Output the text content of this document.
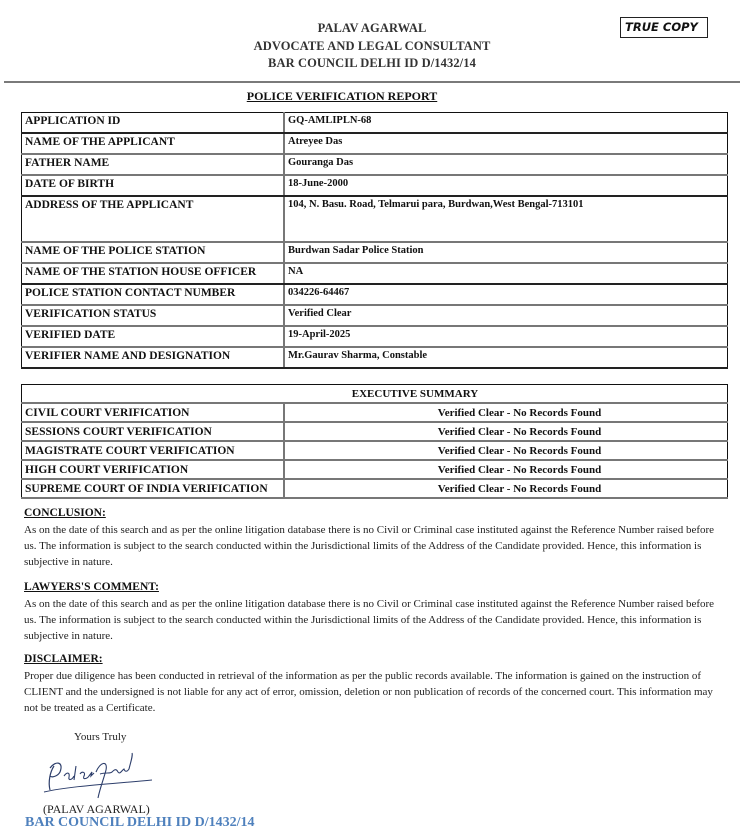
PALAV AGARWAL
ADVOCATE AND LEGAL CONSULTANT
BAR COUNCIL DELHI ID D/1432/14
TRUE COPY
POLICE VERIFICATION REPORT
APPLICATION ID	GQ-AMLIPLN-68
NAME OF THE APPLICANT	Atreyee Das
FATHER NAME	Gouranga Das
DATE OF BIRTH	18-June-2000
ADDRESS OF THE APPLICANT	104, N. Basu. Road, Telmarui para, Burdwan,West Bengal-713101
NAME OF THE POLICE STATION	Burdwan Sadar Police Station
NAME OF THE STATION HOUSE OFFICER	NA
POLICE STATION CONTACT NUMBER	034226-64467
VERIFICATION STATUS	Verified Clear
VERIFIED DATE	19-April-2025
VERIFIER NAME AND DESIGNATION	Mr.Gaurav Sharma, Constable
EXECUTIVE SUMMARY	
CIVIL COURT VERIFICATION	Verified Clear - No Records Found
SESSIONS COURT VERIFICATION	Verified Clear - No Records Found
MAGISTRATE COURT VERIFICATION	Verified Clear - No Records Found
HIGH COURT VERIFICATION	Verified Clear - No Records Found
SUPREME COURT OF INDIA VERIFICATION	Verified Clear - No Records Found
CONCLUSION:
As on the date of this search and as per the online litigation database there is no Civil or Criminal case instituted against the Reference Number raised before us. The information is subject to the search conducted within the Jurisdictional limits of the Address of the Candidate provided. Hence, this information is subjective in nature.
LAWYERS'S COMMENT:
As on the date of this search and as per the online litigation database there is no Civil or Criminal case instituted against the Reference Number raised before us. The information is subject to the search conducted within the Jurisdictional limits of the Address of the Candidate provided. Hence, this information is subjective in nature.
DISCLAIMER:
Proper due diligence has been conducted in retrieval of the information as per the public records available. The information is gained on the instruction of CLIENT and the undersigned is not liable for any act of error, omission, deletion or non publication of records of the concerned court. This information may not be treated as a Certificate.
Yours Truly
(PALAV AGARWAL)
BAR COUNCIL DELHI ID D/1432/14
